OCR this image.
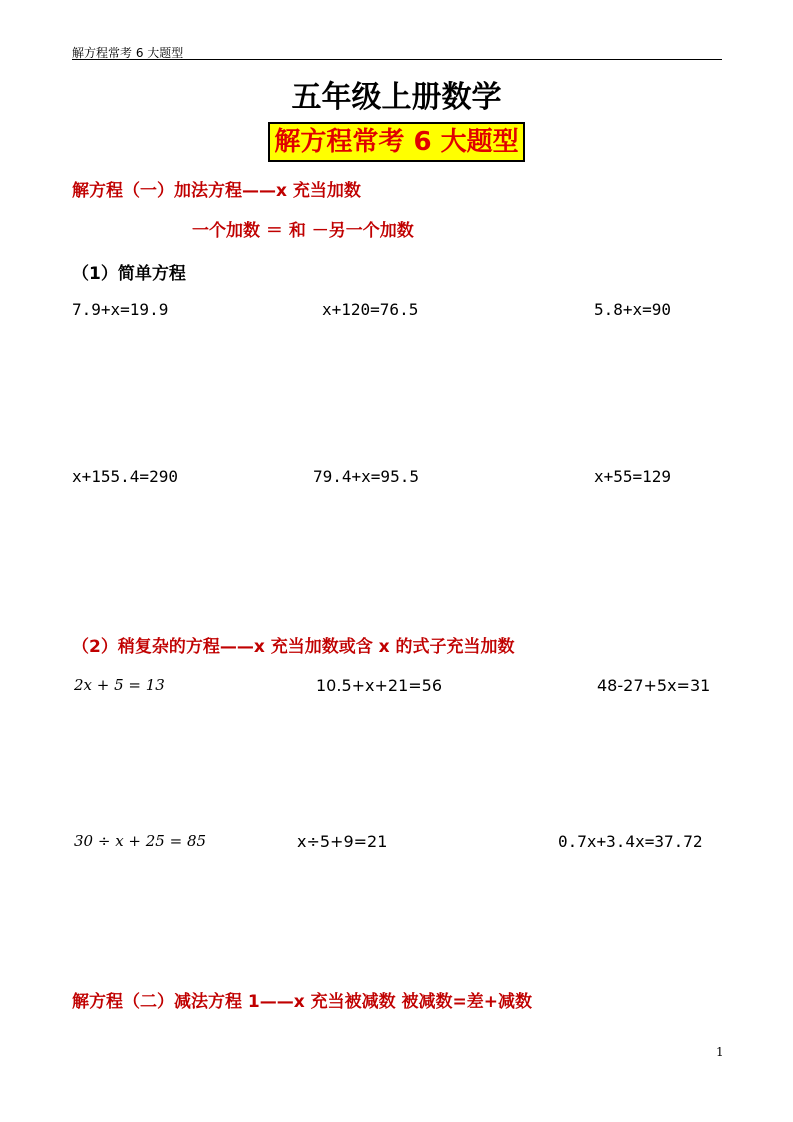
解方程常考 6 大题型
五年级上册数学
解方程常考 6 大题型
解方程（一）加法方程——x 充当加数
一个加数 ＝ 和 －另一个加数
（1）简单方程
7.9+x=19.9	x+120=76.5	5.8+x=90
x+155.4=290	79.4+x=95.5	x+55=129
（2）稍复杂的方程——x 充当加数或含 x 的式子充当加数
2x + 5 = 13	10.5+x+21=56	48-27+5x=31
30 ÷ x + 25 = 85	x÷5+9=21	0.7x+3.4x=37.72
解方程（二）减法方程 1——x 充当被减数 被减数=差+减数
1
